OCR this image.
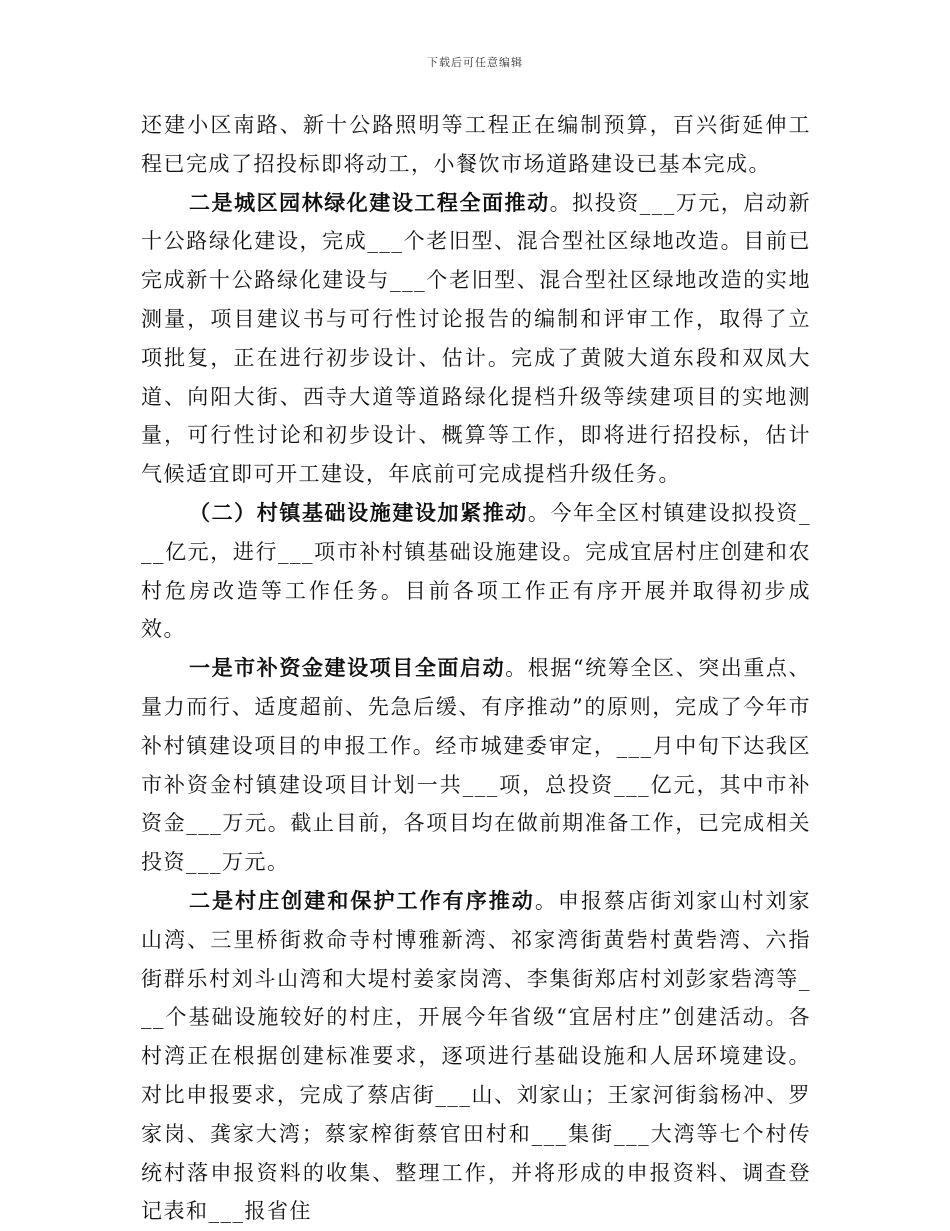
下载后可任意编辑

还建小区南路、新十公路照明等工程正在编制预算，百兴街延伸工程已完成了招投标即将动工，小餐饮市场道路建设已基本完成。

二是城区园林绿化建设工程全面推动。拟投资___万元，启动新十公路绿化建设，完成___个老旧型、混合型社区绿地改造。目前已完成新十公路绿化建设与___个老旧型、混合型社区绿地改造的实地测量，项目建议书与可行性讨论报告的编制和评审工作，取得了立项批复，正在进行初步设计、估计。完成了黄陂大道东段和双凤大道、向阳大街、西寺大道等道路绿化提档升级等续建项目的实地测量，可行性讨论和初步设计、概算等工作，即将进行招投标，估计气候适宜即可开工建设，年底前可完成提档升级任务。

（二）村镇基础设施建设加紧推动。今年全区村镇建设拟投资___亿元，进行___项市补村镇基础设施建设。完成宜居村庄创建和农村危房改造等工作任务。目前各项工作正有序开展并取得初步成效。

一是市补资金建设项目全面启动。根据“统筹全区、突出重点、量力而行、适度超前、先急后缓、有序推动”的原则，完成了今年市补村镇建设项目的申报工作。经市城建委审定，___月中旬下达我区市补资金村镇建设项目计划一共___项，总投资___亿元，其中市补资金___万元。截止目前，各项目均在做前期准备工作，已完成相关投资___万元。

二是村庄创建和保护工作有序推动。申报蔡店街刘家山村刘家山湾、三里桥街救命寺村博雅新湾、祁家湾街黄砦村黄砦湾、六指街群乐村刘斗山湾和大堤村姜家岗湾、李集街郑店村刘彭家砦湾等___个基础设施较好的村庄，开展今年省级“宜居村庄”创建活动。各村湾正在根据创建标准要求，逐项进行基础设施和人居环境建设。对比申报要求，完成了蔡店街___山、刘家山；王家河街翁杨冲、罗家岗、龚家大湾；蔡家榨街蔡官田村和___集街___大湾等七个村传统村落申报资料的收集、整理工作，并将形成的申报资料、调查登记表和___报省住
